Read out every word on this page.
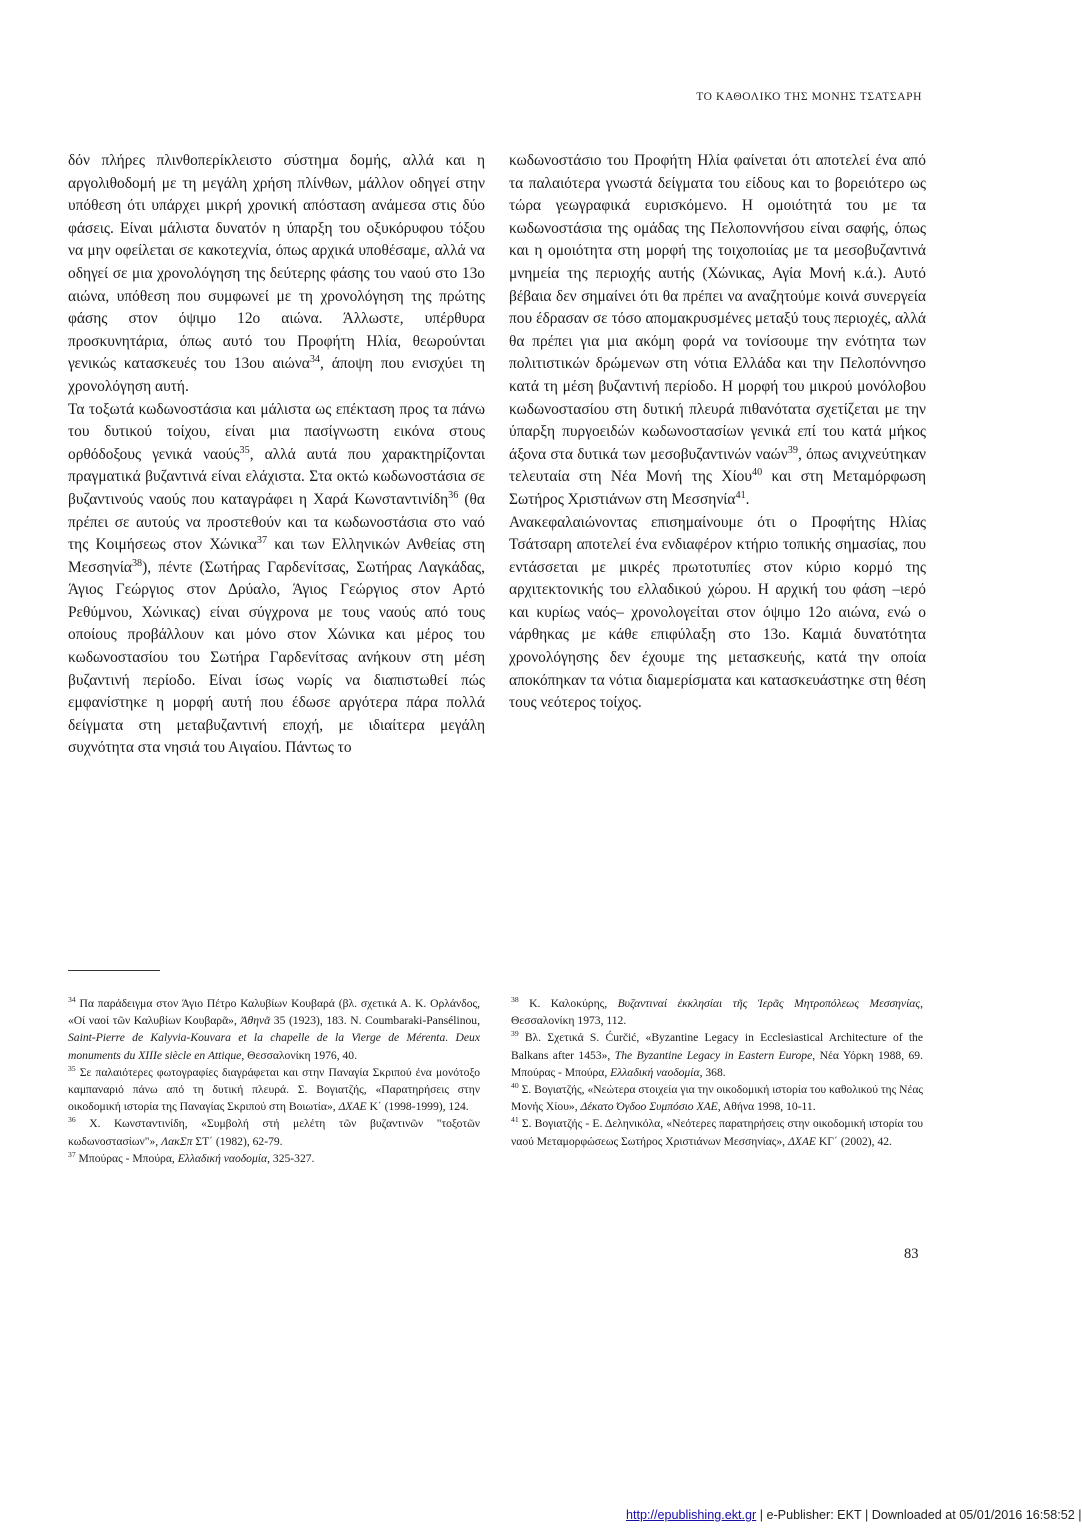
ΤΟ ΚΑΘΟΛΙΚΟ ΤΗΣ ΜΟΝΗΣ ΤΣΑΤΣΑΡΗ

δόν πλήρες πλινθοπερίκλειστο σύστημα δομής, αλλά και η αργολιθοδομή με τη μεγάλη χρήση πλίνθων, μάλλον οδηγεί στην υπόθεση ότι υπάρχει μικρή χρονική απόσταση ανάμεσα στις δύο φάσεις. Είναι μάλιστα δυνατόν η ύπαρξη του οξυκόρυφου τόξου να μην οφείλεται σε κακοτεχνία, όπως αρχικά υποθέσαμε, αλλά να οδηγεί σε μια χρονολόγηση της δεύτερης φάσης του ναού στο 13ο αιώνα, υπόθεση που συμφωνεί με τη χρονολόγηση της πρώτης φάσης στον όψιμο 12ο αιώνα. Άλλωστε, υπέρθυρα προσκυνητάρια, όπως αυτό του Προφήτη Ηλία, θεωρούνται γενικώς κατασκευές του 13ου αιώνα$^{34}$, άποψη που ενισχύει τη χρονολόγηση αυτή.

Τα τοξωτά κωδωνοστάσια και μάλιστα ως επέκταση προς τα πάνω του δυτικού τοίχου, είναι μια πασίγνωστη εικόνα στους ορθόδοξους γενικά ναούς$^{35}$, αλλά αυτά που χαρακτηρίζονται πραγματικά βυζαντινά είναι ελάχιστα. Στα οκτώ κωδωνοστάσια σε βυζαντινούς ναούς που καταγράφει η Χαρά Κωνσταντινίδη$^{36}$ (θα πρέπει σε αυτούς να προστεθούν και τα κωδωνοστάσια στο ναό της Κοιμήσεως στον Χώνικα$^{37}$ και των Ελληνικών Ανθείας στη Μεσσηνία$^{38}$), πέντε (Σωτήρας Γαρδενίτσας, Σωτήρας Λαγκάδας, Άγιος Γεώργιος στον Δρύαλο, Άγιος Γεώργιος στον Αρτό Ρεθύμνου, Χώνικας) είναι σύγχρονα με τους ναούς από τους οποίους προβάλλουν και μόνο στον Χώνικα και μέρος του κωδωνοστασίου του Σωτήρα Γαρδενίτσας ανήκουν στη μέση βυζαντινή περίοδο. Είναι ίσως νωρίς να διαπιστωθεί πώς εμφανίστηκε η μορφή αυτή που έδωσε αργότερα πάρα πολλά δείγματα στη μεταβυζαντινή εποχή, με ιδιαίτερα μεγάλη συχνότητα στα νησιά του Αιγαίου. Πάντως το

κωδωνοστάσιο του Προφήτη Ηλία φαίνεται ότι αποτελεί ένα από τα παλαιότερα γνωστά δείγματα του είδους και το βορειότερο ως τώρα γεωγραφικά ευρισκόμενο. Η ομοιότητά του με τα κωδωνοστάσια της ομάδας της Πελοποννήσου είναι σαφής, όπως και η ομοιότητα στη μορφή της τοιχοποιίας με τα μεσοβυζαντινά μνημεία της περιοχής αυτής (Χώνικας, Αγία Μονή κ.ά.). Αυτό βέβαια δεν σημαίνει ότι θα πρέπει να αναζητούμε κοινά συνεργεία που έδρασαν σε τόσο απομακρυσμένες μεταξύ τους περιοχές, αλλά θα πρέπει για μια ακόμη φορά να τονίσουμε την ενότητα των πολιτιστικών δρώμενων στη νότια Ελλάδα και την Πελοπόννησο κατά τη μέση βυζαντινή περίοδο. Η μορφή του μικρού μονόλοβου κωδωνοστασίου στη δυτική πλευρά πιθανότατα σχετίζεται με την ύπαρξη πυργοειδών κωδωνοστασίων γενικά επί του κατά μήκος άξονα στα δυτικά των μεσοβυζαντινών ναών$^{39}$, όπως ανιχνεύτηκαν τελευταία στη Νέα Μονή της Χίου$^{40}$ και στη Μεταμόρφωση Σωτήρος Χριστιάνων στη Μεσσηνία$^{41}$.

Ανακεφαλαιώνοντας επισημαίνουμε ότι ο Προφήτης Ηλίας Τσάτσαρη αποτελεί ένα ενδιαφέρον κτήριο τοπικής σημασίας, που εντάσσεται με μικρές πρωτοτυπίες στον κύριο κορμό της αρχιτεκτονικής του ελλαδικού χώρου. Η αρχική του φάση –ιερό και κυρίως ναός– χρονολογείται στον όψιμο 12ο αιώνα, ενώ ο νάρθηκας με κάθε επιφύλαξη στο 13ο. Καμιά δυνατότητα χρονολόγησης δεν έχουμε της μετασκευής, κατά την οποία αποκόπηκαν τα νότια διαμερίσματα και κατασκευάστηκε στη θέση τους νεότερος τοίχος.

$^{34}$ Πα παράδειγμα στον Άγιο Πέτρο Καλυβίων Κουβαρά (βλ. σχετικά Α. Κ. Ορλάνδος, «Οί ναοί τῶν Καλυβίων Κουβαρᾶ», Ἀθηνᾶ 35 (1923), 183. N. Coumbaraki-Pansélinou, Saint-Pierre de Kalyvia-Kouvara et la chapelle de la Vierge de Mérenta. Deux monuments du XIIIe siècle en Attique, Θεσσαλονίκη 1976, 40.

$^{35}$ Σε παλαιότερες φωτογραφίες διαγράφεται και στην Παναγία Σκριπού ένα μονότοξο καμπαναριό πάνω από τη δυτική πλευρά. Σ. Βογιατζής, «Παρατηρήσεις στην οικοδομική ιστορία της Παναγίας Σκριπού στη Βοιωτία», ΔΧΑΕ Κ΄ (1998-1999), 124.

$^{36}$ Χ. Κωνσταντινίδη, «Συμβολή στή μελέτη τῶν βυζαντινῶν "τοξοτῶν κωδωνοστασίων"», ΛακΣπ ΣΤ΄ (1982), 62-79.

$^{37}$ Μπούρας - Μπούρα, Ελλαδική ναοδομία, 325-327.

$^{38}$ Κ. Καλοκύρης, Βυζαντιναί ἐκκλησίαι τῆς Ἱερᾶς Μητροπόλεως Μεσσηνίας, Θεσσαλονίκη 1973, 112.

$^{39}$ Βλ. Σχετικά S. Ćurčić, «Byzantine Legacy in Ecclesiastical Architecture of the Balkans after 1453», The Byzantine Legacy in Eastern Europe, Νέα Υόρκη 1988, 69. Μπούρας - Μπούρα, Ελλαδική ναοδομία, 368.

$^{40}$ Σ. Βογιατζής, «Νεώτερα στοιχεία για την οικοδομική ιστορία του καθολικού της Νέας Μονής Χίου», Δέκατο Όγδοο Συμπόσιο ΧΑΕ, Αθήνα 1998, 10-11.

$^{41}$ Σ. Βογιατζής - Ε. Δεληνικόλα, «Νεότερες παρατηρήσεις στην οικοδομική ιστορία του ναού Μεταμορφώσεως Σωτήρος Χριστιάνων Μεσσηνίας», ΔΧΑΕ ΚΓ΄ (2002), 42.

83
http://epublishing.ekt.gr | e-Publisher: EKT | Downloaded at 05/01/2016 16:58:52 |
